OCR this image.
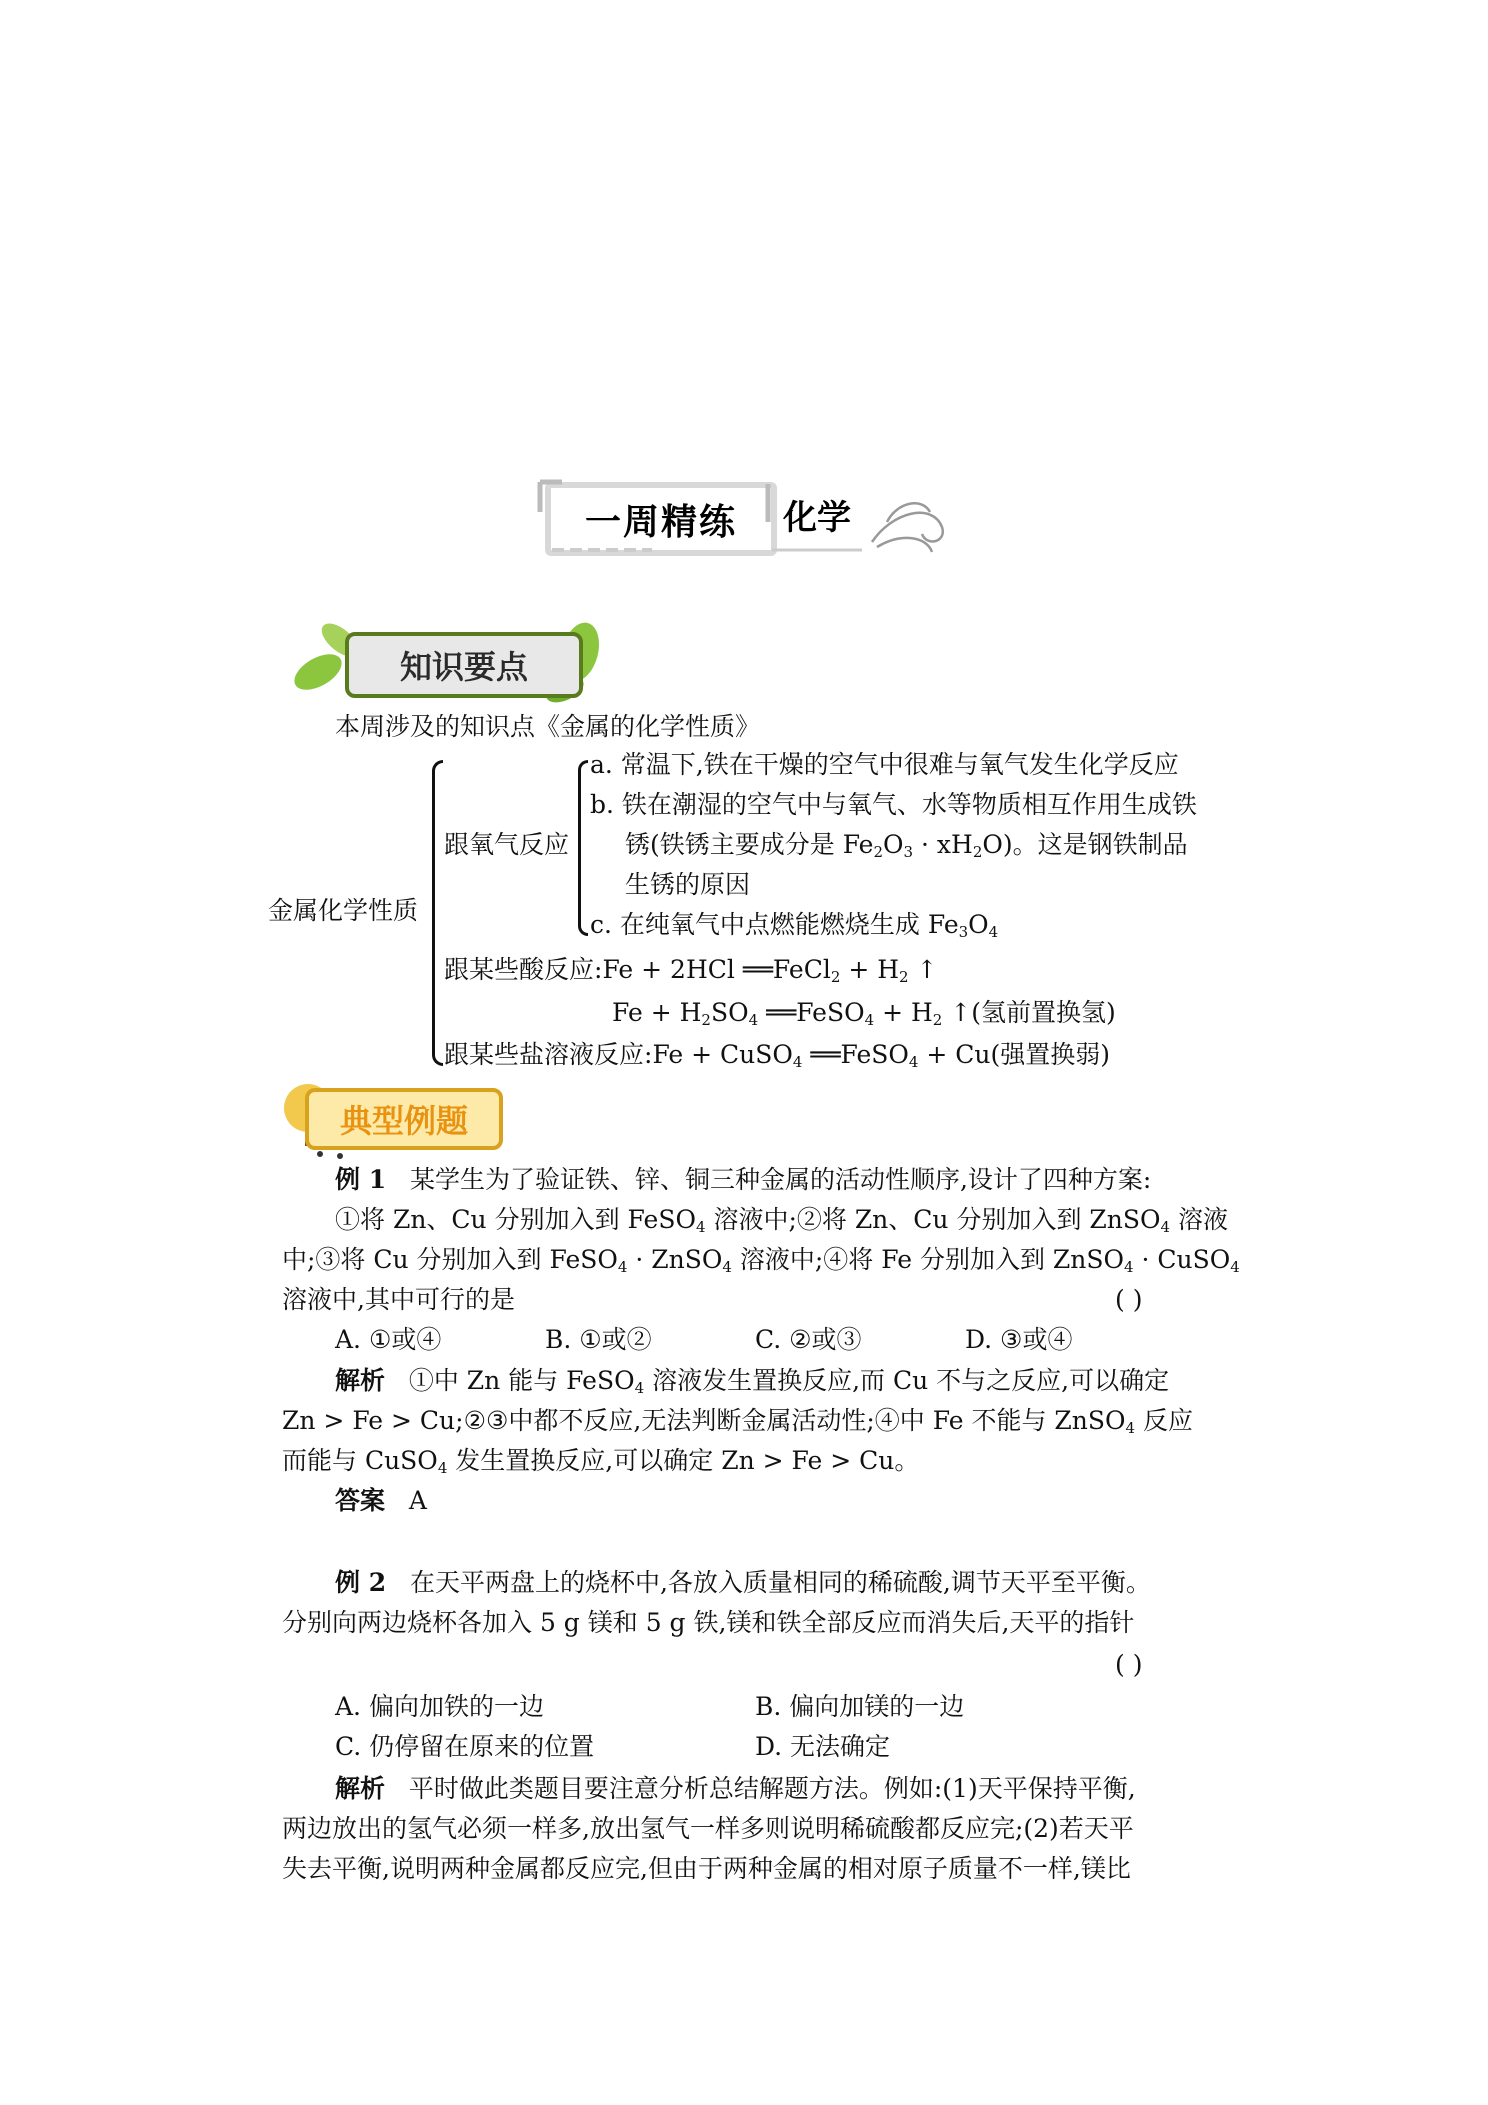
一周精练 化学
知识要点
本周涉及的知识点《金属的化学性质》
金属化学性质
跟氧气反应
a. 常温下,铁在干燥的空气中很难与氧气发生化学反应
b. 铁在潮湿的空气中与氧气、水等物质相互作用生成铁
锈(铁锈主要成分是 $Fe_2O_3 \cdot xH_2O$)。这是钢铁制品
生锈的原因
c. 在纯氧气中点燃能燃烧生成 $Fe_3O_4$
跟某些酸反应:Fe + 2HCl ══FeCl$_2$ + $H_2$ ↑
$Fe + H_2SO_4$ ══FeSO$_4$ + $H_2$ ↑(氢前置换氢)
跟某些盐溶液反应:Fe + CuSO$_4$ ══FeSO$_4$ + Cu(强置换弱)
典型例题
例 1 某学生为了验证铁、锌、铜三种金属的活动性顺序,设计了四种方案:
①将 Zn、Cu 分别加入到 FeSO$_4$ 溶液中;②将 Zn、Cu 分别加入到 ZnSO$_4$ 溶液
中;③将 Cu 分别加入到 FeSO$_4$ · ZnSO$_4$ 溶液中;④将 Fe 分别加入到 ZnSO$_4$ · CuSO$_4$
溶液中,其中可行的是	( )
A. ①或④	B. ①或②	C. ②或③	D. ③或④
解析 ①中 Zn 能与 FeSO$_4$ 溶液发生置换反应,而 Cu 不与之反应,可以确定
Zn > Fe > Cu;②③中都不反应,无法判断金属活动性;④中 Fe 不能与 ZnSO$_4$ 反应
而能与 CuSO$_4$ 发生置换反应,可以确定 Zn > Fe > Cu。
答案 A
例 2 在天平两盘上的烧杯中,各放入质量相同的稀硫酸,调节天平至平衡。
分别向两边烧杯各加入 5 g 镁和 5 g 铁,镁和铁全部反应而消失后,天平的指针
( )
A. 偏向加铁的一边	B. 偏向加镁的一边
C. 仍停留在原来的位置	D. 无法确定
解析 平时做此类题目要注意分析总结解题方法。例如:(1)天平保持平衡,
两边放出的氢气必须一样多,放出氢气一样多则说明稀硫酸都反应完;(2)若天平
失去平衡,说明两种金属都反应完,但由于两种金属的相对原子质量不一样,镁比
